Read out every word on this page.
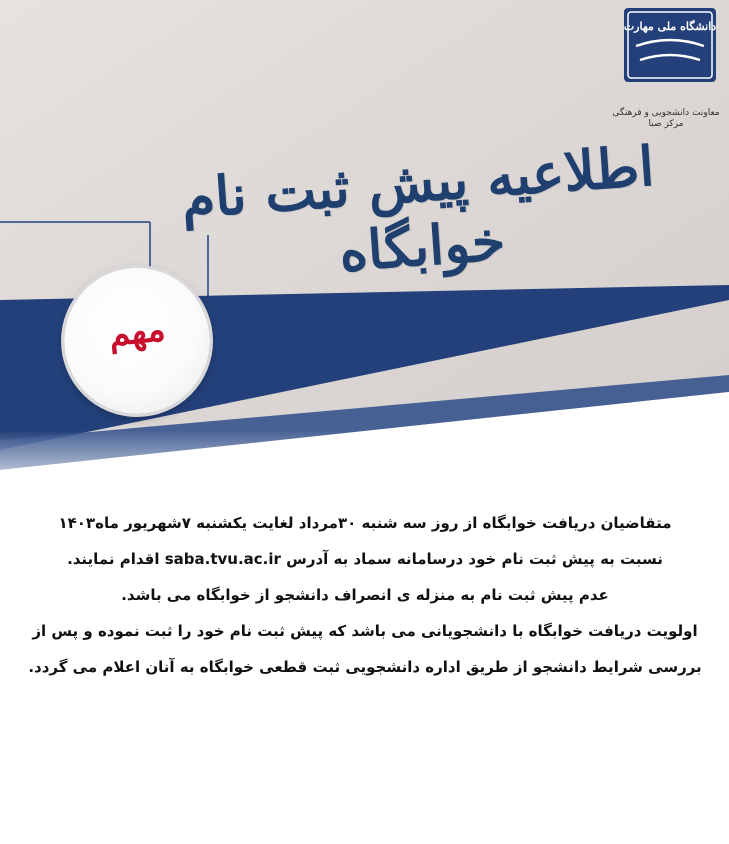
دانشگاه ملی مهارت
معاونت دانشجویی و فرهنگی
مرکز صبا
اطلاعیه پیش ثبت نام خوابگاه
مهم
متقاضیان دریافت خوابگاه از روز سه شنبه ۳۰مرداد لغایت یکشنبه ۷شهریور ماه۱۴۰۳
نسبت به پیش ثبت نام خود درسامانه سماد به آدرس saba.tvu.ac.ir اقدام نمایند.
عدم پیش ثبت نام به منزله ی انصراف دانشجو از خوابگاه می باشد.
اولویت دریافت خوابگاه با دانشجویانی می باشد که پیش ثبت نام خود را ثبت نموده و پس از
بررسی شرایط دانشجو از طریق اداره دانشجویی ثبت قطعی خوابگاه به آنان اعلام می گردد.
